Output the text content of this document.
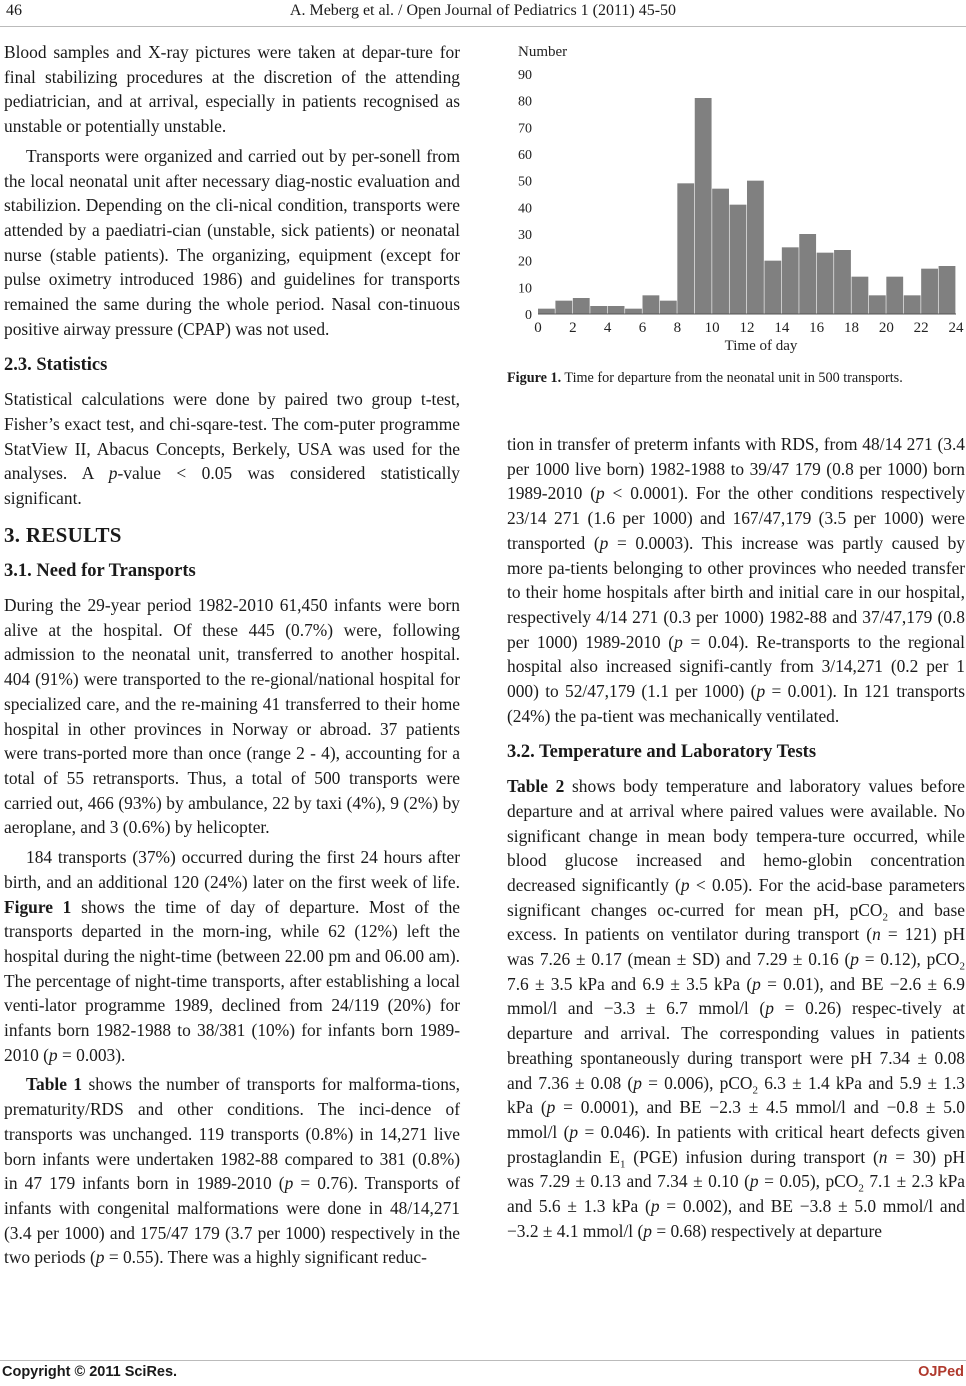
46	A. Meberg et al. / Open Journal of Pediatrics 1 (2011) 45-50

Blood samples and X-ray pictures were taken at depar-ture for final stabilizing procedures at the discretion of the attending pediatrician, and at arrival, especially in patients recognised as unstable or potentially unstable.

Transports were organized and carried out by per-sonell from the local neonatal unit after necessary diag-nostic evaluation and stabilizion. Depending on the cli-nical condition, transports were attended by a paediatri-cian (unstable, sick patients) or neonatal nurse (stable patients). The organizing, equipment (except for pulse oximetry introduced 1986) and guidelines for transports remained the same during the whole period. Nasal con-tinuous positive airway pressure (CPAP) was not used.

2.3. Statistics

Statistical calculations were done by paired two group t-test, Fisher’s exact test, and chi-sqare-test. The com-puter programme StatView II, Abacus Concepts, Berkely, USA was used for the analyses. A p-value < 0.05 was considered statistically significant.

3. RESULTS
3.1. Need for Transports

During the 29-year period 1982-2010 61,450 infants were born alive at the hospital. Of these 445 (0.7%) were, following admission to the neonatal unit, transferred to another hospital. 404 (91%) were transported to the re-gional/national hospital for specialized care, and the re-maining 41 transferred to their home hospital in other provinces in Norway or abroad. 37 patients were trans-ported more than once (range 2 - 4), accounting for a total of 55 retransports. Thus, a total of 500 transports were carried out, 466 (93%) by ambulance, 22 by taxi (4%), 9 (2%) by aeroplane, and 3 (0.6%) by helicopter.

184 transports (37%) occurred during the first 24 hours after birth, and an additional 120 (24%) later on the first week of life. Figure 1 shows the time of day of departure. Most of the transports departed in the morn-ing, while 62 (12%) left the hospital during the night-time (between 22.00 pm and 06.00 am). The percentage of night-time transports, after establishing a local venti-lator programme 1989, declined from 24/119 (20%) for infants born 1982-1988 to 38/381 (10%) for infants born 1989-2010 (p = 0.003).

Table 1 shows the number of transports for malforma-tions, prematurity/RDS and other conditions. The inci-dence of transports was unchanged. 119 transports (0.8%) in 14,271 live born infants were undertaken 1982-88 compared to 381 (0.8%) in 47 179 infants born in 1989-2010 (p = 0.76). Transports of infants with congenital malformations were done in 48/14,271 (3.4 per 1000) and 175/47 179 (3.7 per 1000) respectively in the two periods (p = 0.55). There was a highly significant reduc-

Number
0
10
20
30
40
50
60
70
80
90
0 2 4 6 8 10 12 14 16 18 20 22 24
Time of day
Figure 1. Time for departure from the neonatal unit in 500 transports.

tion in transfer of preterm infants with RDS, from 48/14 271 (3.4 per 1000 live born) 1982-1988 to 39/47 179 (0.8 per 1000) born 1989-2010 (p < 0.0001). For the other conditions respectively 23/14 271 (1.6 per 1000) and 167/47,179 (3.5 per 1000) were transported (p = 0.0003). This increase was partly caused by more pa-tients belonging to other provinces who needed transfer to their home hospitals after birth and initial care in our hospital, respectively 4/14 271 (0.3 per 1000) 1982-88 and 37/47,179 (0.8 per 1000) 1989-2010 (p = 0.04). Re-transports to the regional hospital also increased signifi-cantly from 3/14,271 (0.2 per 1 000) to 52/47,179 (1.1 per 1000) (p = 0.001). In 121 transports (24%) the pa-tient was mechanically ventilated.

3.2. Temperature and Laboratory Tests

Table 2 shows body temperature and laboratory values before departure and at arrival where paired values were available. No significant change in mean body tempera-ture occurred, while blood glucose increased and hemo-globin concentration decreased significantly (p < 0.05). For the acid-base parameters significant changes oc-curred for mean pH, pCO$_2$ and base excess. In patients on ventilator during transport (n = 121) pH was 7.26 ± 0.17 (mean ± SD) and 7.29 ± 0.16 (p = 0.12), pCO$_2$ 7.6 ± 3.5 kPa and 6.9 ± 3.5 kPa (p = 0.01), and BE −2.6 ± 6.9 mmol/l and −3.3 ± 6.7 mmol/l (p = 0.26) respec-tively at departure and arrival. The corresponding values in patients breathing spontaneously during transport were pH 7.34 ± 0.08 and 7.36 ± 0.08 (p = 0.006), pCO$_2$ 6.3 ± 1.4 kPa and 5.9 ± 1.3 kPa (p = 0.0001), and BE −2.3 ± 4.5 mmol/l and −0.8 ± 5.0 mmol/l (p = 0.046). In patients with critical heart defects given prostaglandin $E_1$ (PGE) infusion during transport (n = 30) pH was 7.29 ± 0.13 and 7.34 ± 0.10 (p = 0.05), pCO$_2$ 7.1 ± 2.3 kPa and 5.6 ± 1.3 kPa (p = 0.002), and BE −3.8 ± 5.0 mmol/l and −3.2 ± 4.1 mmol/l (p = 0.68) respectively at departure

Copyright © 2011 SciRes.	OJPed
